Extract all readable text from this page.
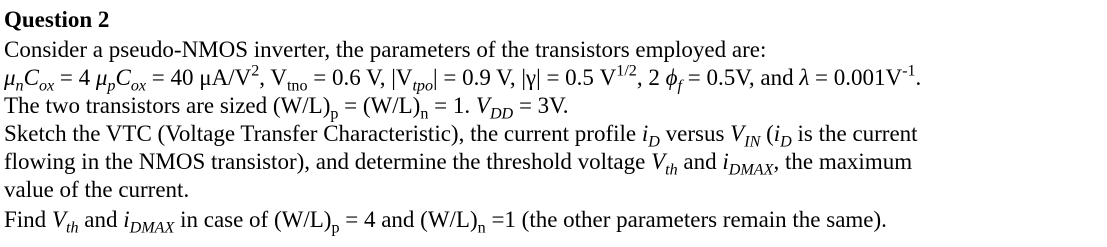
Question 2
Consider a pseudo-NMOS inverter, the parameters of the transistors employed are:
$\mu_nC_{ox} = 4$ $\mu_pC_{ox} = 40$ $\mu A/V^2$, $V_{tno} = 0.6$ V, $|V_{tpo}| = 0.9$ V, |γ| = 0.5 $V^{1/2}$, 2 $\phi_f = 0.5V$, and $\lambda = 0.001V^{-1}$.
The two transistors are sized $(W/L)_p = (W/L)_n = 1$. $V_{DD} = 3V$.
Sketch the VTC (Voltage Transfer Characteristic), the current profile $i_D$ versus $V_{IN}$ ($i_D$ is the current
flowing in the NMOS transistor), and determine the threshold voltage $V_{th}$ and $i_{DMAX}$, the maximum
value of the current.
Find $V_{th}$ and $i_{DMAX}$ in case of $(W/L)_p = 4$ and $(W/L)_n =1$ (the other parameters remain the same).
